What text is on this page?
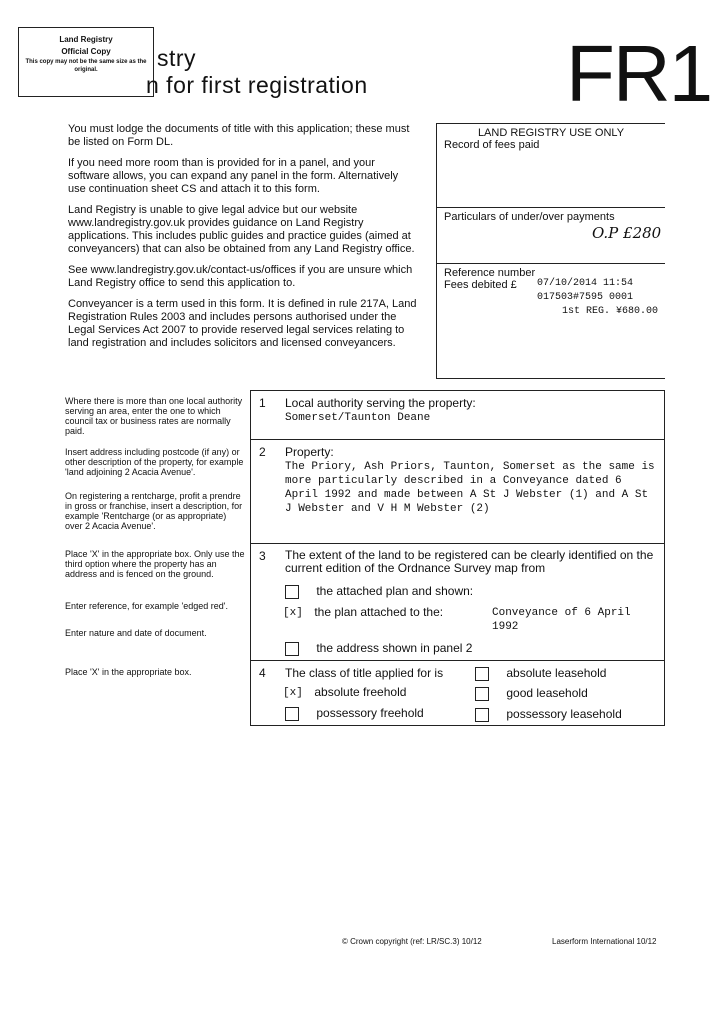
Land Registry
Official Copy
This copy may not be the same size as the original.	stry
n for first registration FR1

You must lodge the documents of title with this application; these must be listed on Form DL.

If you need more room than is provided for in a panel, and your software allows, you can expand any panel in the form. Alternatively use continuation sheet CS and attach it to this form.

Land Registry is unable to give legal advice but our website www.landregistry.gov.uk provides guidance on Land Registry applications. This includes public guides and practice guides (aimed at conveyancers) that can also be obtained from any Land Registry office.

See www.landregistry.gov.uk/contact-us/offices if you are unsure which Land Registry office to send this application to.

Conveyancer is a term used in this form. It is defined in rule 217A, Land Registration Rules 2003 and includes persons authorised under the Legal Services Act 2007 to provide reserved legal services relating to land registration and includes solicitors and licensed conveyancers.

LAND REGISTRY USE ONLY
Record of fees paid
Particulars of under/over payments
O.P £280
Reference number
Fees debited £ 07/10/2014 11:54 017503#7595 0001
1st REG. ¥680.00
Where there is more than one local authority serving an area, enter the one to which council tax or business rates are normally paid.
Insert address including postcode (if any) or other description of the property, for example 'land adjoining 2 Acacia Avenue'.
On registering a rentcharge, profit a prendre in gross or franchise, insert a description, for example 'Rentcharge (or as appropriate) over 2 Acacia Avenue'.
Place 'X' in the appropriate box. Only use the third option where the property has an address and is fenced on the ground.
Enter reference, for example 'edged red'.
Enter nature and date of document.
Place 'X' in the appropriate box.
1 Local authority serving the property:
Somerset/Taunton Deane
2 Property:
The Priory, Ash Priors, Taunton, Somerset as the same is more particularly described in a Conveyance dated 6 April 1992 and made between A St J Webster (1) and A St J Webster and V H M Webster (2)
3 The extent of the land to be registered can be clearly identified on the current edition of the Ordnance Survey map from
the attached plan and shown:
[x] the plan attached to the:	Conveyance of 6 April 1992
the address shown in panel 2
4 The class of title applied for is	absolute leasehold
[x] absolute freehold	good leasehold
possessory freehold	possessory leasehold
© Crown copyright (ref: LR/SC.3) 10/12	Laserform International 10/12
